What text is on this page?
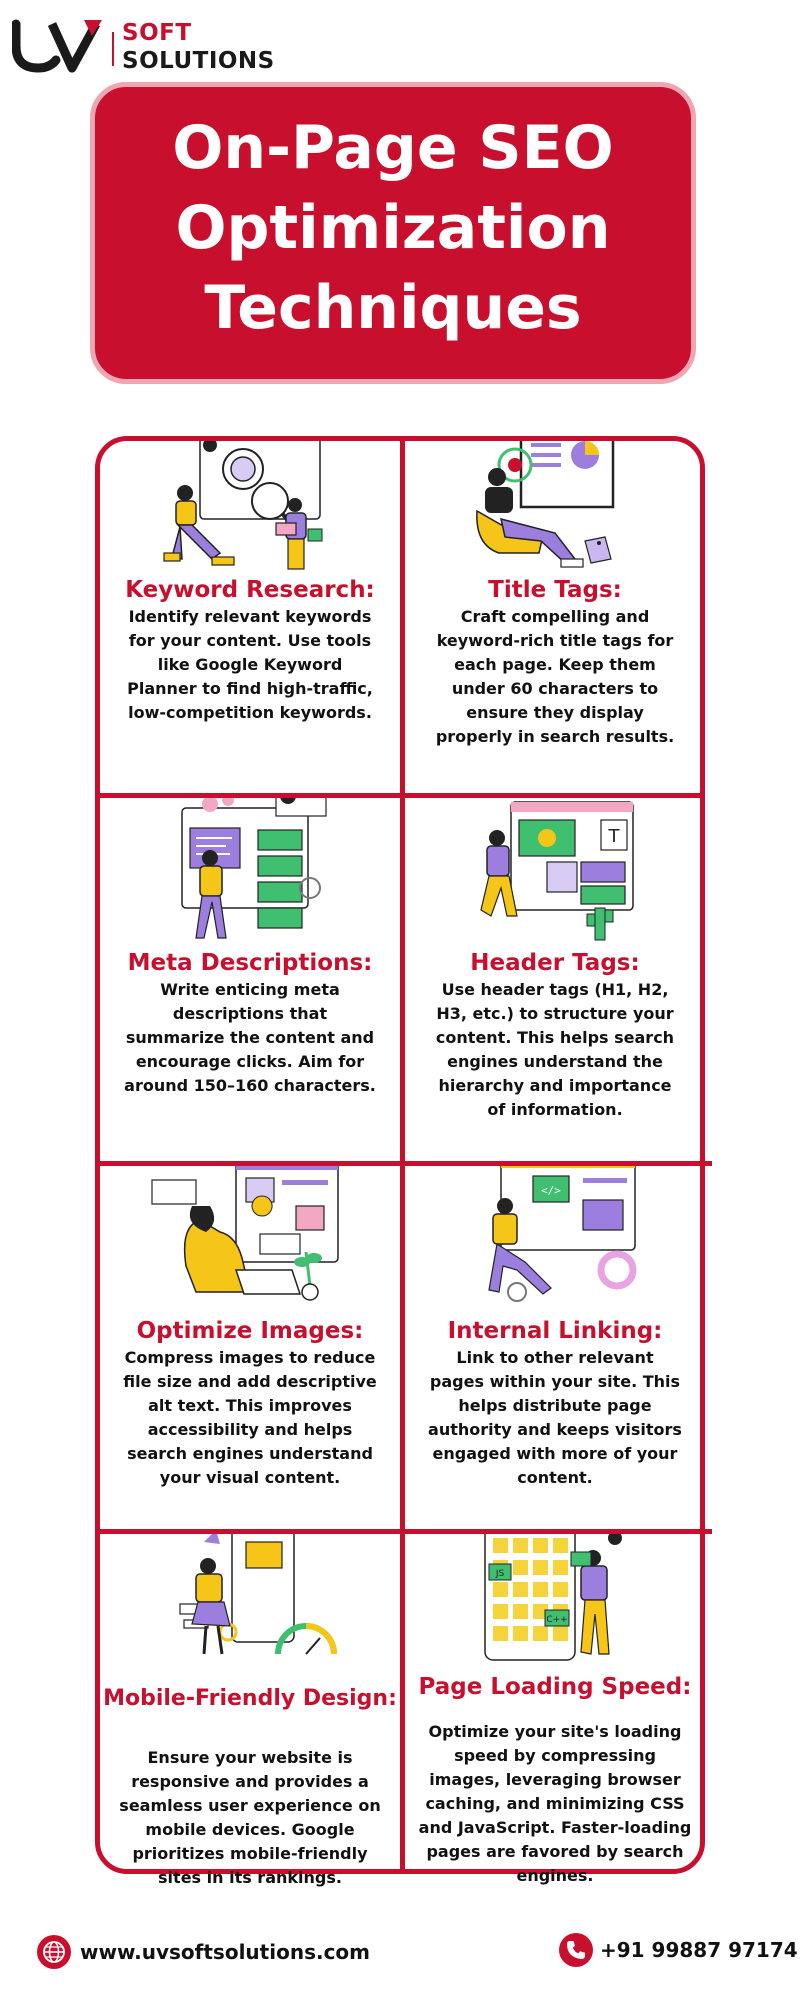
SOFT
SOLUTIONS
On-Page SEO
Optimization
Techniques
Keyword Research:

Identify relevant keywords for your content. Use tools like Google Keyword Planner to find high-traffic, low-competition keywords.

Title Tags:

Craft compelling and keyword-rich title tags for each page. Keep them under 60 characters to ensure they display properly in search results.

Meta Descriptions:

Write enticing meta descriptions that summarize the content and encourage clicks. Aim for around 150–160 characters.

T
Header Tags:

Use header tags (H1, H2, H3, etc.) to structure your content. This helps search engines understand the hierarchy and importance of information.

Optimize Images:

Compress images to reduce file size and add descriptive alt text. This improves accessibility and helps search engines understand your visual content.

</>
Internal Linking:

Link to other relevant pages within your site. This helps distribute page authority and keeps visitors engaged with more of your content.

Mobile-Friendly Design:

Ensure your website is responsive and provides a seamless user experience on mobile devices. Google prioritizes mobile-friendly sites in its rankings.

JS
C++
Page Loading Speed:

Optimize your site's loading speed by compressing images, leveraging browser caching, and minimizing CSS and JavaScript. Faster-loading pages are favored by search engines.

www.uvsoftsolutions.com	+91 99887 97174
